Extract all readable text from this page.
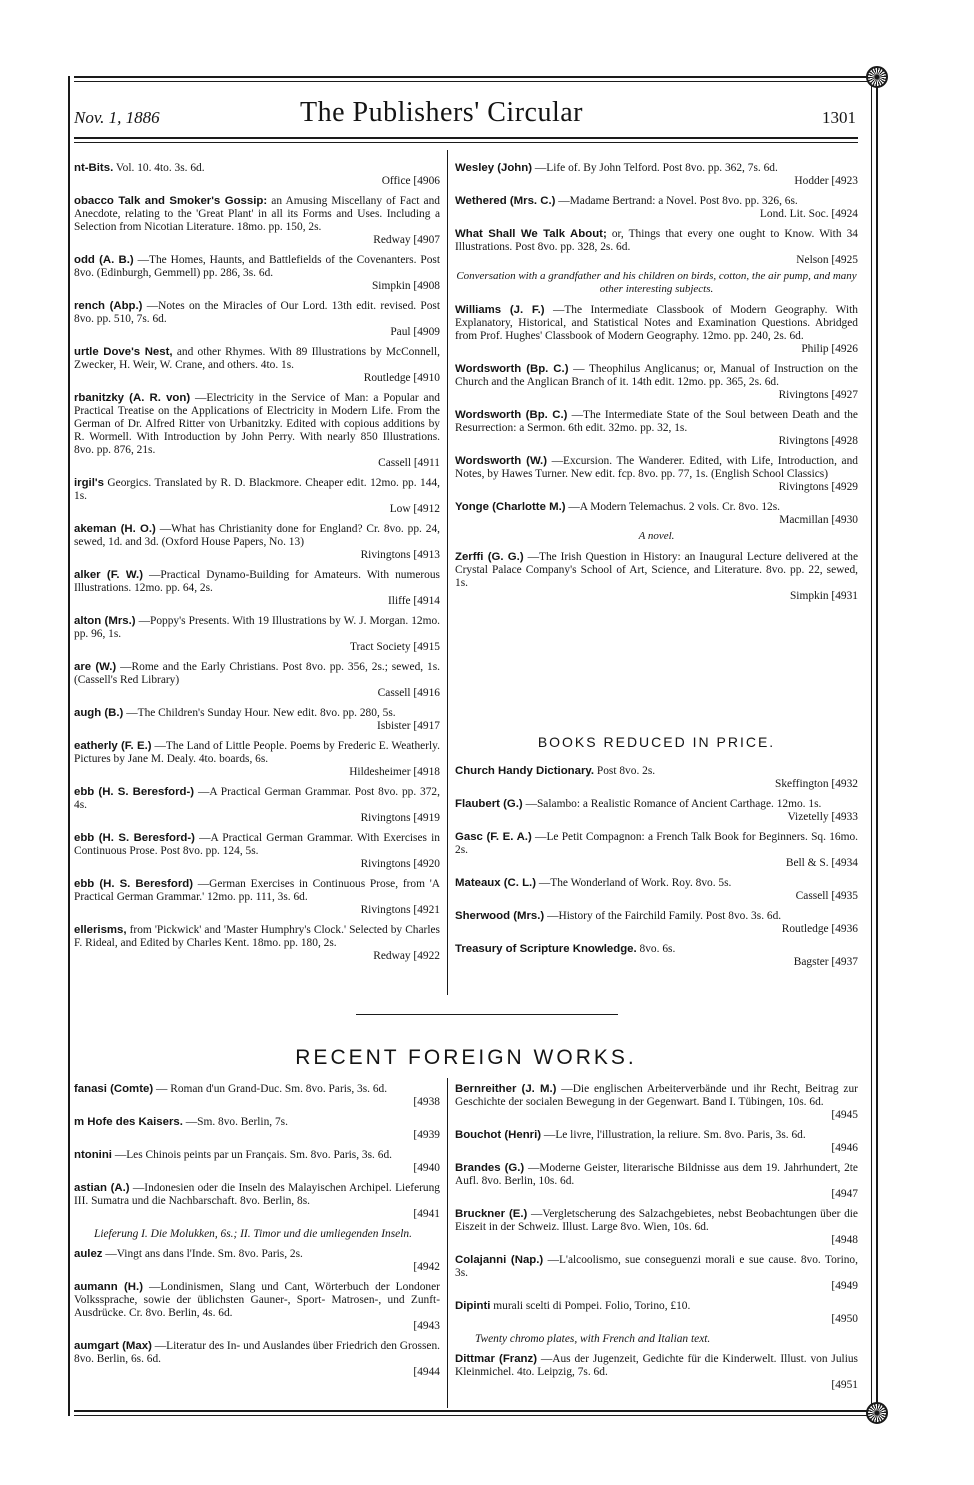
Nov. 1, 1886	The Publishers' Circular	1301
nt-Bits. Vol. 10. 4to. 3s. 6d.
Office [4906
obacco Talk and Smoker's Gossip: an Amusing Miscellany of Fact and Anecdote, relating to the 'Great Plant' in all its Forms and Uses. Including a Selection from Nicotian Literature. 18mo. pp. 150, 2s.
Redway [4907
odd (A. B.) —The Homes, Haunts, and Battlefields of the Covenanters. Post 8vo. (Edinburgh, Gemmell) pp. 286, 3s. 6d.
Simpkin [4908
rench (Abp.) —Notes on the Miracles of Our Lord. 13th edit. revised. Post 8vo. pp. 510, 7s. 6d.
Paul [4909
urtle Dove's Nest, and other Rhymes. With 89 Illustrations by McConnell, Zwecker, H. Weir, W. Crane, and others. 4to. 1s.
Routledge [4910
rbanitzky (A. R. von) —Electricity in the Service of Man: a Popular and Practical Treatise on the Applications of Electricity in Modern Life. From the German of Dr. Alfred Ritter von Urbanitzky. Edited with copious additions by R. Wormell. With Introduction by John Perry. With nearly 850 Illustrations. 8vo. pp. 876, 21s.
Cassell [4911
irgil's Georgics. Translated by R. D. Blackmore. Cheaper edit. 12mo. pp. 144, 1s.
Low [4912
akeman (H. O.) —What has Christianity done for England? Cr. 8vo. pp. 24, sewed, 1d. and 3d. (Oxford House Papers, No. 13)
Rivingtons [4913
alker (F. W.) —Practical Dynamo-Building for Amateurs. With numerous Illustrations. 12mo. pp. 64, 2s.
Iliffe [4914
alton (Mrs.) —Poppy's Presents. With 19 Illustrations by W. J. Morgan. 12mo. pp. 96, 1s.
Tract Society [4915
are (W.) —Rome and the Early Christians. Post 8vo. pp. 356, 2s.; sewed, 1s. (Cassell's Red Library)
Cassell [4916
augh (B.) —The Children's Sunday Hour. New edit. 8vo. pp. 280, 5s.
Isbister [4917
eatherly (F. E.) —The Land of Little People. Poems by Frederic E. Weatherly. Pictures by Jane M. Dealy. 4to. boards, 6s.
Hildesheimer [4918
ebb (H. S. Beresford-) —A Practical German Grammar. Post 8vo. pp. 372, 4s.
Rivingtons [4919
ebb (H. S. Beresford-) —A Practical German Grammar. With Exercises in Continuous Prose. Post 8vo. pp. 124, 5s.
Rivingtons [4920
ebb (H. S. Beresford) —German Exercises in Continuous Prose, from 'A Practical German Grammar.' 12mo. pp. 111, 3s. 6d.
Rivingtons [4921
ellerisms, from 'Pickwick' and 'Master Humphry's Clock.' Selected by Charles F. Rideal, and Edited by Charles Kent. 18mo. pp. 180, 2s.
Redway [4922
Wesley (John) —Life of. By John Telford. Post 8vo. pp. 362, 7s. 6d.
Hodder [4923
Wethered (Mrs. C.) —Madame Bertrand: a Novel. Post 8vo. pp. 326, 6s.
Lond. Lit. Soc. [4924
What Shall We Talk About; or, Things that every one ought to Know. With 34 Illustrations. Post 8vo. pp. 328, 2s. 6d.
Nelson [4925
Conversation with a grandfather and his children on birds, cotton, the air pump, and many other interesting subjects.
Williams (J. F.) —The Intermediate Classbook of Modern Geography. With Explanatory, Historical, and Statistical Notes and Examination Questions. Abridged from Prof. Hughes' Classbook of Modern Geography. 12mo. pp. 240, 2s. 6d.
Philip [4926
Wordsworth (Bp. C.) — Theophilus Anglicanus; or, Manual of Instruction on the Church and the Anglican Branch of it. 14th edit. 12mo. pp. 365, 2s. 6d.
Rivingtons [4927
Wordsworth (Bp. C.) —The Intermediate State of the Soul between Death and the Resurrection: a Sermon. 6th edit. 32mo. pp. 32, 1s.
Rivingtons [4928
Wordsworth (W.) —Excursion. The Wanderer. Edited, with Life, Introduction, and Notes, by Hawes Turner. New edit. fcp. 8vo. pp. 77, 1s. (English School Classics)
Rivingtons [4929
Yonge (Charlotte M.) —A Modern Telemachus. 2 vols. Cr. 8vo. 12s.
Macmillan [4930
A novel.
Zerffi (G. G.) —The Irish Question in History: an Inaugural Lecture delivered at the Crystal Palace Company's School of Art, Science, and Literature. 8vo. pp. 22, sewed, 1s.
Simpkin [4931
BOOKS REDUCED IN PRICE.
Church Handy Dictionary. Post 8vo. 2s.
Skeffington [4932
Flaubert (G.) —Salambo: a Realistic Romance of Ancient Carthage. 12mo. 1s.
Vizetelly [4933
Gasc (F. E. A.) —Le Petit Compagnon: a French Talk Book for Beginners. Sq. 16mo. 2s.
Bell & S. [4934
Mateaux (C. L.) —The Wonderland of Work. Roy. 8vo. 5s.
Cassell [4935
Sherwood (Mrs.) —History of the Fairchild Family. Post 8vo. 3s. 6d.
Routledge [4936
Treasury of Scripture Knowledge. 8vo. 6s.
Bagster [4937
RECENT FOREIGN WORKS.
fanasi (Comte) — Roman d'un Grand-Duc. Sm. 8vo. Paris, 3s. 6d.
[4938
m Hofe des Kaisers. —Sm. 8vo. Berlin, 7s.
[4939
ntonini —Les Chinois peints par un Français. Sm. 8vo. Paris, 3s. 6d.
[4940
astian (A.) —Indonesien oder die Inseln des Malayischen Archipel. Lieferung III. Sumatra und die Nachbarschaft. 8vo. Berlin, 8s.
[4941
Lieferung I. Die Molukken, 6s.; II. Timor und die umliegenden Inseln.
aulez —Vingt ans dans l'Inde. Sm. 8vo. Paris, 2s.
[4942
aumann (H.) —Londinismen, Slang und Cant, Wörterbuch der Londoner Volkssprache, sowie der üblichsten Gauner-, Sport- Matrosen-, und Zunft-Ausdrücke. Cr. 8vo. Berlin, 4s. 6d.
[4943
aumgart (Max) —Literatur des In- und Auslandes über Friedrich den Grossen. 8vo. Berlin, 6s. 6d.
[4944
Bernreither (J. M.) —Die englischen Arbeiterverbände und ihr Recht, Beitrag zur Geschichte der socialen Bewegung in der Gegenwart. Band I. Tübingen, 10s. 6d.
[4945
Bouchot (Henri) —Le livre, l'illustration, la reliure. Sm. 8vo. Paris, 3s. 6d.
[4946
Brandes (G.) —Moderne Geister, literarische Bildnisse aus dem 19. Jahrhundert, 2te Aufl. 8vo. Berlin, 10s. 6d.
[4947
Bruckner (E.) —Vergletscherung des Salzachgebietes, nebst Beobachtungen über die Eiszeit in der Schweiz. Illust. Large 8vo. Wien, 10s. 6d.
[4948
Colajanni (Nap.) —L'alcoolismo, sue conseguenzi morali e sue cause. 8vo. Torino, 3s.
[4949
Dipinti murali scelti di Pompei. Folio, Torino, £10.
[4950
Twenty chromo plates, with French and Italian text.
Dittmar (Franz) —Aus der Jugenzeit, Gedichte für die Kinderwelt. Illust. von Julius Kleinmichel. 4to. Leipzig, 7s. 6d.
[4951
